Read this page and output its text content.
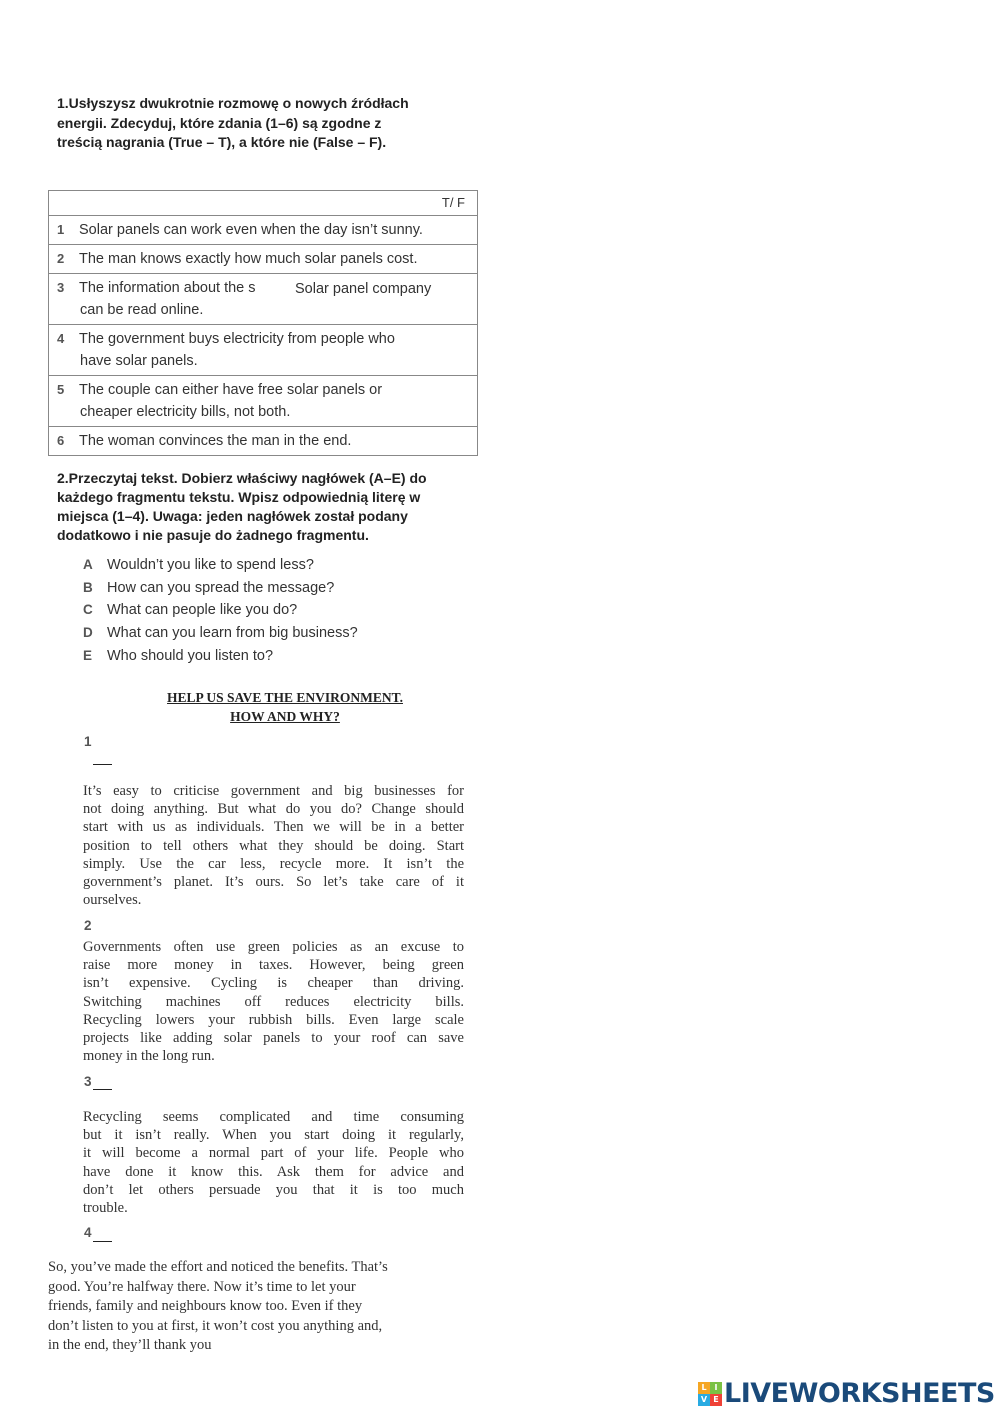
1.Usłyszysz dwukrotnie rozmowę o nowych źródłach
energii. Zdecyduj, które zdania (1–6) są zgodne z
treścią nagrania (True – T), a które nie (False – F).
T/ F

1 Solar panels can work even when the day isn’t sunny.

2 The man knows exactly how much solar panels cost.

3 The information about the s
can be read online.
Solar panel company

4 The government buys electricity from people who
have solar panels.

5 The couple can either have free solar panels or
cheaper electricity bills, not both.

6 The woman convinces the man in the end.
2.Przeczytaj tekst. Dobierz właściwy nagłówek (A–E) do
każdego fragmentu tekstu. Wpisz odpowiednią literę w
miejsca (1–4). Uwaga: jeden nagłówek został podany
dodatkowo i nie pasuje do żadnego fragmentu.
A Wouldn’t you like to spend less?
B How can you spread the message?
C What can people like you do?
D What can you learn from big business?
E Who should you listen to?
HELP US SAVE THE ENVIRONMENT.
HOW AND WHY?
1
It’s easy to criticise government and big businesses for
not doing anything. But what do you do? Change should
start with us as individuals. Then we will be in a better
position to tell others what they should be doing. Start
simply. Use the car less, recycle more. It isn’t the
government’s planet. It’s ours. So let’s take care of it
ourselves.
2
Governments often use green policies as an excuse to
raise more money in taxes. However, being green
isn’t expensive. Cycling is cheaper than driving.
Switching machines off reduces electricity bills.
Recycling lowers your rubbish bills. Even large scale
projects like adding solar panels to your roof can save
money in the long run.
3
Recycling seems complicated and time consuming
but it isn’t really. When you start doing it regularly,
it will become a normal part of your life. People who
have done it know this. Ask them for advice and
don’t let others persuade you that it is too much
trouble.
4
So, you’ve made the effort and noticed the benefits. That’s
good. You’re halfway there. Now it’s time to let your
friends, family and neighbours know too. Even if they
don’t listen to you at first, it won’t cost you anything and,
in the end, they’ll thank you
L I
V E LIVEWORKSHEETS
